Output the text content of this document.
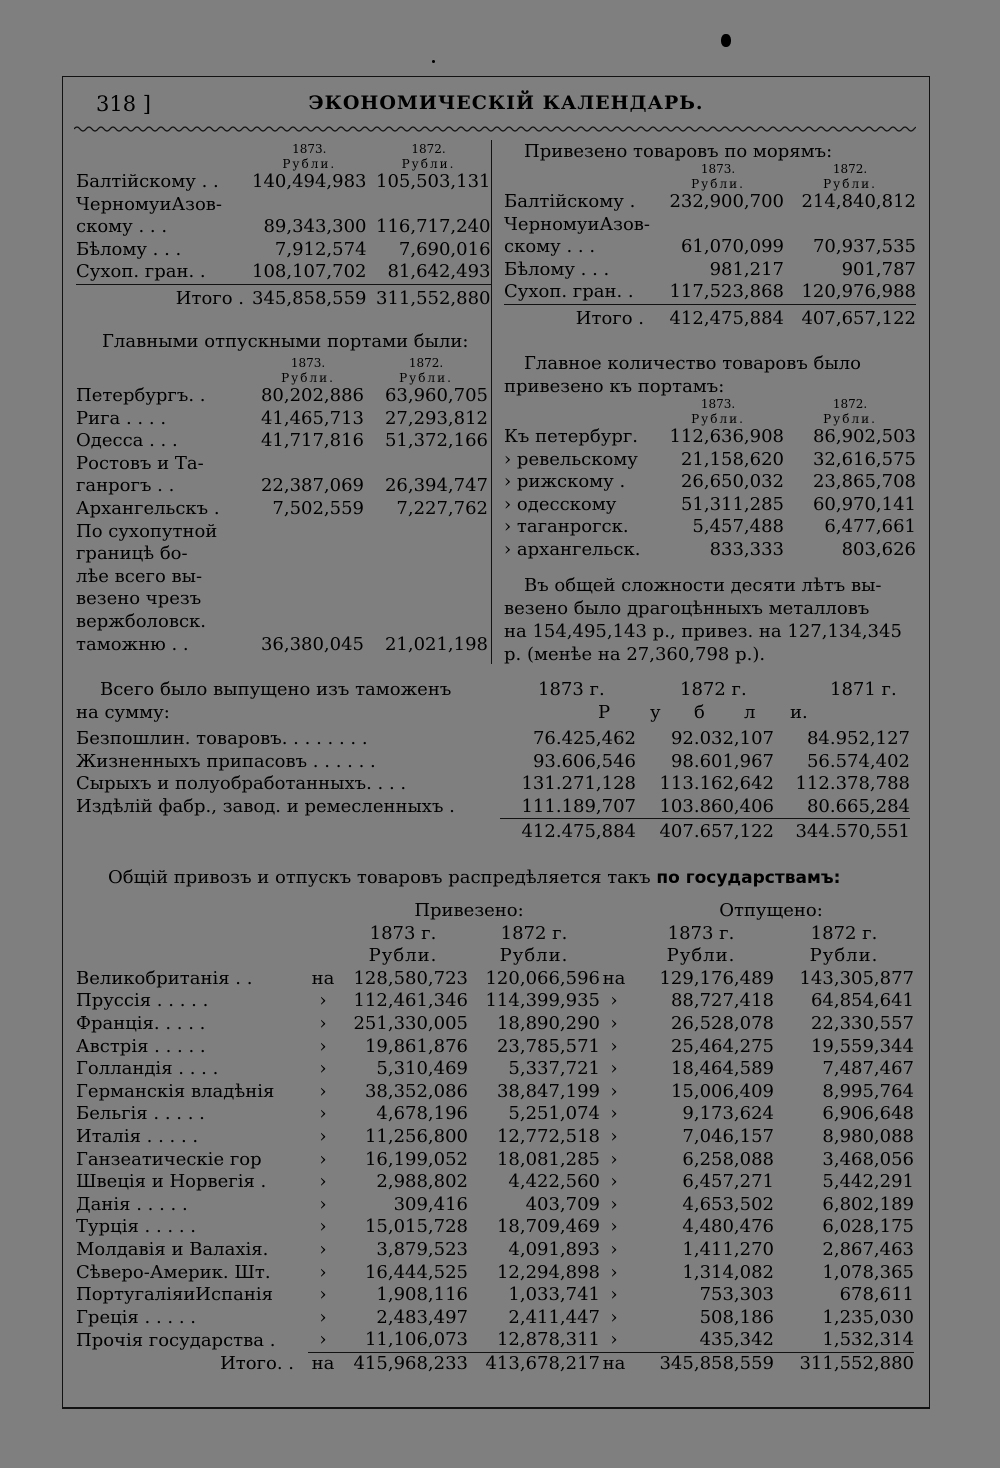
318 ]	ЭКОНОМИЧЕСКІЙ КАЛЕНДАРЬ.
	1873.	1872.
	Рубли.	Рубли.
Балтійскому . .	140,494,983	105,503,131
ЧерномуиАзов-		
скому . . .	89,343,300	116,717,240
Бѣлому . . .	7,912,574	7,690,016
Сухоп. гран. .	108,107,702	81,642,493
Итого .	345,858,559	311,552,880
Главными отпускными портами были:
	1873.	1872.
	Рубли.	Рубли.
Петербургъ. .	80,202,886	63,960,705
Рига . . . .	41,465,713	27,293,812
Одесса . . .	41,717,816	51,372,166
Ростовъ и Та-		
ганрогъ . .	22,387,069	26,394,747
Архангельскъ .	7,502,559	7,227,762
По сухопутной		
границѣ бо-		
лѣе всего вы-		
везено чрезъ		
вержболовск.		
таможню . .	36,380,045	21,021,198
Привезено товаровъ по морямъ:
	1873.	1872.
	Рубли.	Рубли.
Балтійскому .	232,900,700	214,840,812
ЧерномуиАзов-		
скому . . .	61,070,099	70,937,535
Бѣлому . . .	981,217	901,787
Сухоп. гран. .	117,523,868	120,976,988
Итого .	412,475,884	407,657,122
Главное количество товаровъ было
привезено къ портамъ:
	1873.	1872.
	Рубли.	Рубли.
Къ петербург.	112,636,908	86,902,503
› ревельскому	21,158,620	32,616,575
› рижскому .	26,650,032	23,865,708
› одесскому	51,311,285	60,970,141
› таганрогск.	5,457,488	6,477,661
› архангельск.	833,333	803,626
Въ общей сложности десяти лѣтъ вы-
везено было драгоцѣнныхъ металловъ
на 154,495,143 р., привез. на 127,134,345
р. (менѣе на 27,360,798 р.).
Всего было выпущено изъ таможенъ
на сумму:
1873 г.	1872 г.	1871 г.
Р у б л и.
Безпошлин. товаровъ. . . . . . . .	76.425,462	92.032,107	84.952,127
Жизненныхъ припасовъ . . . . . .	93.606,546	98.601,967	56.574,402
Сырыхъ и полуобработанныхъ. . . .	131.271,128	113.162,642	112.378,788
Издѣлій фабр., завод. и ремесленныхъ .	111.189,707	103.860,406	80.665,284
	412.475,884	407.657,122	344.570,551
Общій привозъ и отпускъ товаровъ распредѣляется такъ по государствамъ:
		Привезено:			Отпущено:	
		1873 г.	1872 г.		1873 г.	1872 г.
		Рубли.	Рубли.		Рубли.	Рубли.
Великобританія . .	на	128,580,723	120,066,596	на	129,176,489	143,305,877
Пруссія . . . . .	›	112,461,346	114,399,935	›	88,727,418	64,854,641
Франція. . . . .	›	251,330,005	18,890,290	›	26,528,078	22,330,557
Австрія . . . . .	›	19,861,876	23,785,571	›	25,464,275	19,559,344
Голландія . . . .	›	5,310,469	5,337,721	›	18,464,589	7,487,467
Германскія владѣнія	›	38,352,086	38,847,199	›	15,006,409	8,995,764
Бельгія . . . . .	›	4,678,196	5,251,074	›	9,173,624	6,906,648
Италія . . . . .	›	11,256,800	12,772,518	›	7,046,157	8,980,088
Ганзеатическіе гор	›	16,199,052	18,081,285	›	6,258,088	3,468,056
Швеція и Норвегія .	›	2,988,802	4,422,560	›	6,457,271	5,442,291
Данія . . . . .	›	309,416	403,709	›	4,653,502	6,802,189
Турція . . . . .	›	15,015,728	18,709,469	›	4,480,476	6,028,175
Молдавія и Валахія.	›	3,879,523	4,091,893	›	1,411,270	2,867,463
Сѣверо-Америк. Шт.	›	16,444,525	12,294,898	›	1,314,082	1,078,365
ПортугаліяиИспанія	›	1,908,116	1,033,741	›	753,303	678,611
Греція . . . . .	›	2,483,497	2,411,447	›	508,186	1,235,030
Прочія государства .	›	11,106,073	12,878,311	›	435,342	1,532,314
Итого. .	на	415,968,233	413,678,217	на	345,858,559	311,552,880
